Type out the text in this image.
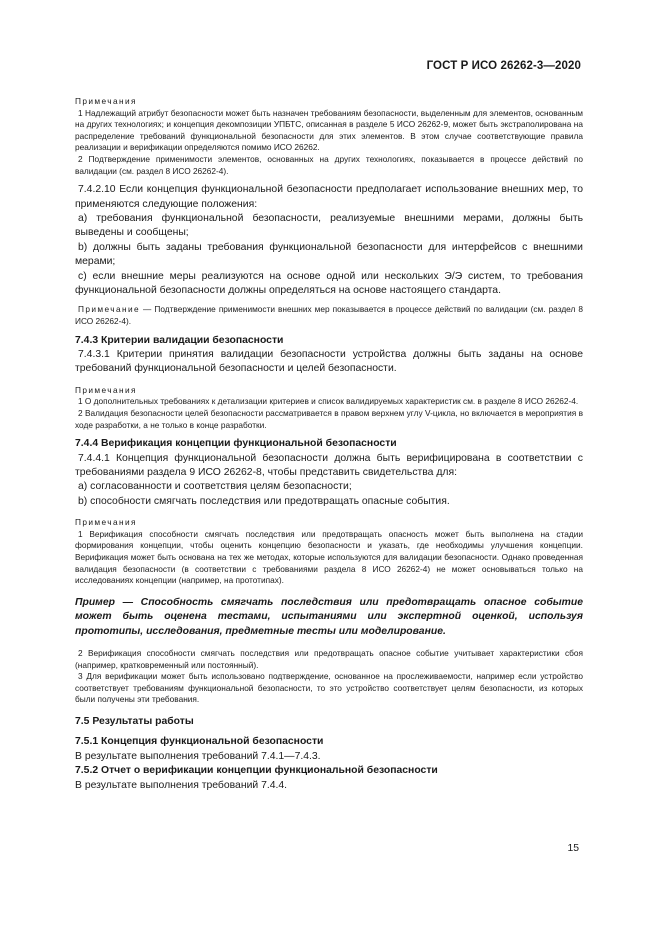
ГОСТ Р ИСО 26262-3—2020

Примечания

1 Надлежащий атрибут безопасности может быть назначен требованиям безопасности, выделенным для элементов, основанным на других технологиях; и концепция декомпозиции УПБТС, описанная в разделе 5 ИСО 26262-9, может быть экстраполирована на распределение требований функциональной безопасности для этих элементов. В этом случае соответствующие правила реализации и верификации определяются помимо ИСО 26262.

2 Подтверждение применимости элементов, основанных на других технологиях, показывается в процессе действий по валидации (см. раздел 8 ИСО 26262-4).

7.4.2.10 Если концепция функциональной безопасности предполагает использование внешних мер, то применяются следующие положения:

a) требования функциональной безопасности, реализуемые внешними мерами, должны быть выведены и сообщены;

b) должны быть заданы требования функциональной безопасности для интерфейсов с внешними мерами;

c) если внешние меры реализуются на основе одной или нескольких Э/Э систем, то требования функциональной безопасности должны определяться на основе настоящего стандарта.

Примечание — Подтверждение применимости внешних мер показывается в процессе действий по валидации (см. раздел 8 ИСО 26262-4).

7.4.3 Критерии валидации безопасности

7.4.3.1 Критерии принятия валидации безопасности устройства должны быть заданы на основе требований функциональной безопасности и целей безопасности.

Примечания

1 О дополнительных требованиях к детализации критериев и список валидируемых характеристик см. в разделе 8 ИСО 26262-4.

2 Валидация безопасности целей безопасности рассматривается в правом верхнем углу V-цикла, но включается в мероприятия в ходе разработки, а не только в конце разработки.

7.4.4 Верификация концепции функциональной безопасности

7.4.4.1 Концепция функциональной безопасности должна быть верифицирована в соответствии с требованиями раздела 9 ИСО 26262-8, чтобы представить свидетельства для:

a) согласованности и соответствия целям безопасности;

b) способности смягчать последствия или предотвращать опасные события.

Примечания

1 Верификация способности смягчать последствия или предотвращать опасность может быть выполнена на стадии формирования концепции, чтобы оценить концепцию безопасности и указать, где необходимы улучшения концепции. Верификация может быть основана на тех же методах, которые используются для валидации безопасности. Однако проведенная валидация безопасности (в соответствии с требованиями раздела 8 ИСО 26262-4) не может основываться только на исследованиях концепции (например, на прототипах).

Пример — Способность смягчать последствия или предотвращать опасное событие может быть оценена тестами, испытаниями или экспертной оценкой, используя прототипы, исследования, предметные тесты или моделирование.

2 Верификация способности смягчать последствия или предотвращать опасное событие учитывает характеристики сбоя (например, кратковременный или постоянный).

3 Для верификации может быть использовано подтверждение, основанное на прослеживаемости, например если устройство соответствует требованиям функциональной безопасности, то это устройство соответствует целям безопасности, из которых были получены эти требования.

7.5 Результаты работы

7.5.1 Концепция функциональной безопасности

В результате выполнения требований 7.4.1—7.4.3.

7.5.2 Отчет о верификации концепции функциональной безопасности

В результате выполнения требований 7.4.4.

15
